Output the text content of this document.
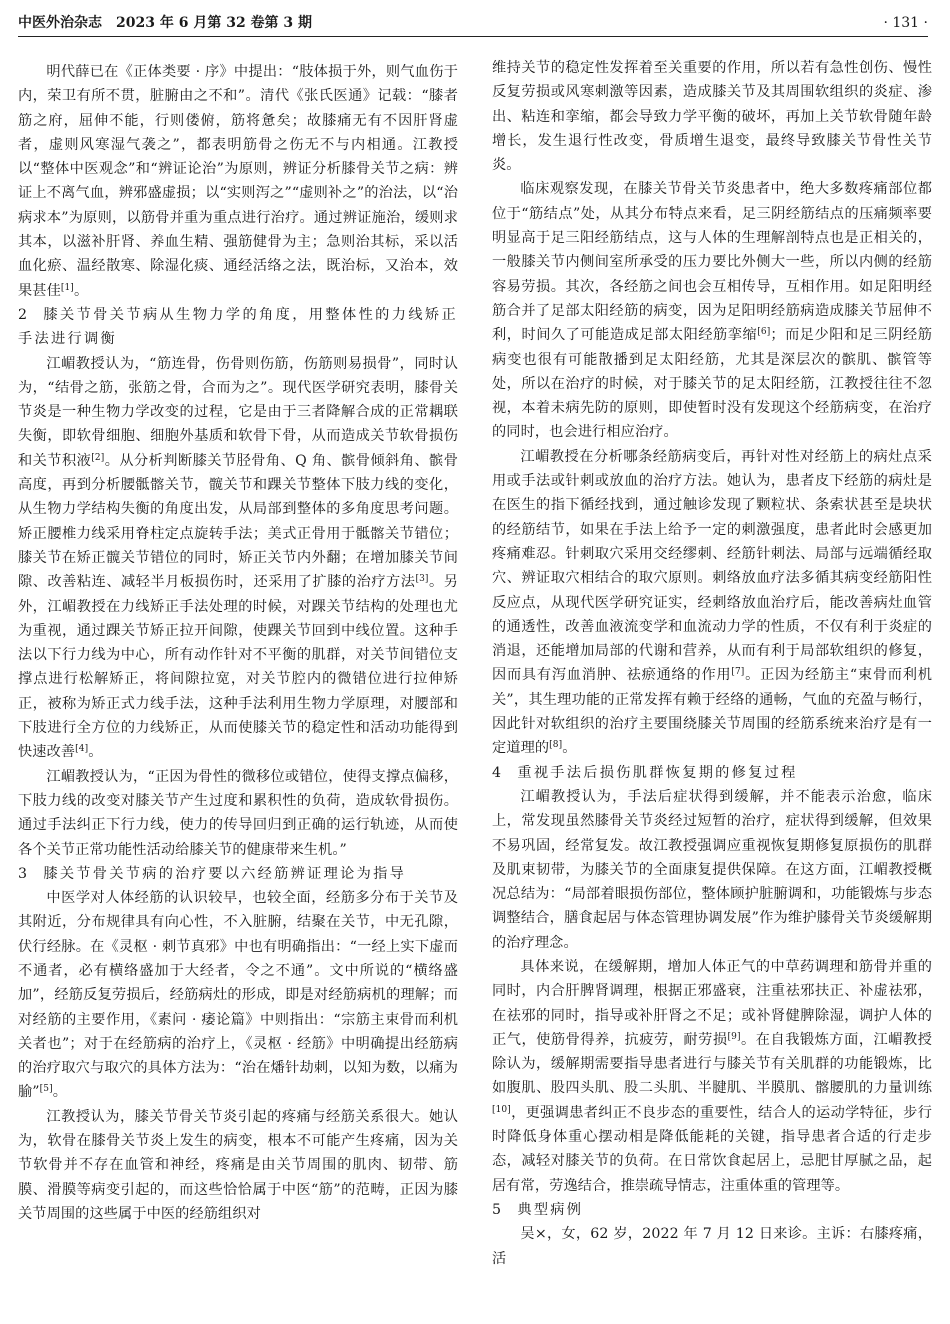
中医外治杂志　2023 年 6 月第 32 卷第 3 期	· 131 ·

明代薛已在《正体类要 · 序》中提出：“肢体损于外，则气血伤于内，荣卫有所不贯，脏腑由之不和”。清代《张氏医通》记载：“膝者筋之府，屈伸不能，行则偻俯，筋将惫矣；故膝痛无有不因肝肾虚者，虚则风寒湿气袭之”，都表明筋骨之伤无不与内相通。江教授以“整体中医观念”和“辨证论治”为原则，辨证分析膝骨关节之病：辨证上不离气血，辨邪盛虚损；以“实则泻之”“虚则补之”的治法，以“治病求本”为原则，以筋骨并重为重点进行治疗。通过辨证施治，缓则求其本，以滋补肝肾、养血生精、强筋健骨为主；急则治其标，采以活血化瘀、温经散寒、除湿化痰、通经活络之法，既治标，又治本，效果甚佳[1]。

2 膝关节骨关节病从生物力学的角度，用整体性的力线矫正手法进行调衡

江嵋教授认为，“筋连骨，伤骨则伤筋，伤筋则易损骨”，同时认为，“结骨之筋，张筋之骨，合而为之”。现代医学研究表明，膝骨关节炎是一种生物力学改变的过程，它是由于三者降解合成的正常耦联失衡，即软骨细胞、细胞外基质和软骨下骨，从而造成关节软骨损伤和关节积液[2]。从分析判断膝关节胫骨角、Q 角、髌骨倾斜角、髌骨高度，再到分析腰骶髂关节，髋关节和踝关节整体下肢力线的变化，从生物力学结构失衡的角度出发，从局部到整体的多角度思考问题。矫正腰椎力线采用脊柱定点旋转手法；美式正骨用于骶髂关节错位；膝关节在矫正髋关节错位的同时，矫正关节内外翻；在增加膝关节间隙、改善粘连、减轻半月板损伤时，还采用了扩膝的治疗方法[3]。另外，江嵋教授在力线矫正手法处理的时候，对踝关节结构的处理也尤为重视，通过踝关节矫正拉开间隙，使踝关节回到中线位置。这种手法以下行力线为中心，所有动作针对不平衡的肌群，对关节间错位支撑点进行松解矫正，将间隙拉宽，对关节腔内的微错位进行拉伸矫正，被称为矫正式力线手法，这种手法利用生物力学原理，对腰部和下肢进行全方位的力线矫正，从而使膝关节的稳定性和活动功能得到快速改善[4]。

江嵋教授认为，“正因为骨性的微移位或错位，使得支撑点偏移，下肢力线的改变对膝关节产生过度和累积性的负荷，造成软骨损伤。通过手法纠正下行力线，使力的传导回归到正确的运行轨迹，从而使各个关节正常功能性活动给膝关节的健康带来生机。”

3 膝关节骨关节病的治疗要以六经筋辨证理论为指导

中医学对人体经筋的认识较早，也较全面，经筋多分布于关节及其附近，分布规律具有向心性，不入脏腑，结聚在关节，中无孔隙，伏行经脉。在《灵枢 · 刺节真邪》中也有明确指出：“一经上实下虚而不通者，必有横络盛加于大经者，令之不通”。文中所说的“横络盛加”，经筋反复劳损后，经筋病灶的形成，即是对经筋病机的理解；而对经筋的主要作用，《素问 · 痿论篇》中则指出：“宗筋主束骨而利机关者也”；对于在经筋病的治疗上，《灵枢 · 经筋》中明确提出经筋病的治疗取穴与取穴的具体方法为：“治在燔针劫刺，以知为数，以痛为腧”[5]。

江教授认为，膝关节骨关节炎引起的疼痛与经筋关系很大。她认为，软骨在膝骨关节炎上发生的病变，根本不可能产生疼痛，因为关节软骨并不存在血管和神经，疼痛是由关节周围的肌肉、韧带、筋膜、滑膜等病变引起的，而这些恰恰属于中医“筋”的范畴，正因为膝关节周围的这些属于中医的经筋组织对

维持关节的稳定性发挥着至关重要的作用，所以若有急性创伤、慢性反复劳损或风寒刺激等因素，造成膝关节及其周围软组织的炎症、渗出、粘连和挛缩，都会导致力学平衡的破坏，再加上关节软骨随年龄增长，发生退行性改变，骨质增生退变，最终导致膝关节骨性关节炎。

临床观察发现，在膝关节骨关节炎患者中，绝大多数疼痛部位都位于“筋结点”处，从其分布特点来看，足三阴经筋结点的压痛频率要明显高于足三阳经筋结点，这与人体的生理解剖特点也是正相关的，一般膝关节内侧间室所承受的压力要比外侧大一些，所以内侧的经筋容易劳损。其次，各经筋之间也会互相传导，互相作用。如足阳明经筋合并了足部太阳经筋的病变，因为足阳明经筋病造成膝关节屈伸不利，时间久了可能造成足部太阳经筋挛缩[6]；而足少阳和足三阴经筋病变也很有可能散播到足太阳经筋，尤其是深层次的髌肌、髌管等处，所以在治疗的时候，对于膝关节的足太阳经筋，江教授往往不忽视，本着未病先防的原则，即使暂时没有发现这个经筋病变，在治疗的同时，也会进行相应治疗。

江嵋教授在分析哪条经筋病变后，再针对性对经筋上的病灶点采用或手法或针刺或放血的治疗方法。她认为，患者皮下经筋的病灶是在医生的指下循经找到，通过触诊发现了颗粒状、条索状甚至是块状的经筋结节，如果在手法上给予一定的刺激强度，患者此时会感更加疼痛难忍。针刺取穴采用交经缪刺、经筋针刺法、局部与远端循经取穴、辨证取穴相结合的取穴原则。刺络放血疗法多循其病变经筋阳性反应点，从现代医学研究证实，经刺络放血治疗后，能改善病灶血管的通透性，改善血液流变学和血流动力学的性质，不仅有利于炎症的消退，还能增加局部的代谢和营养，从而有利于局部软组织的修复，因而具有泻血消肿、祛瘀通络的作用[7]。正因为经筋主“束骨而利机关”，其生理功能的正常发挥有赖于经络的通畅，气血的充盈与畅行，因此针对软组织的治疗主要围绕膝关节周围的经筋系统来治疗是有一定道理的[8]。

4 重视手法后损伤肌群恢复期的修复过程

江嵋教授认为，手法后症状得到缓解，并不能表示治愈，临床上，常发现虽然膝骨关节炎经过短暂的治疗，症状得到缓解，但效果不易巩固，经常复发。故江教授强调应重视恢复期修复原损伤的肌群及肌束韧带，为膝关节的全面康复提供保障。在这方面，江嵋教授概况总结为：“局部着眼损伤部位，整体顾护脏腑调和，功能锻炼与步态调整结合，膳食起居与体态管理协调发展”作为维护膝骨关节炎缓解期的治疗理念。

具体来说，在缓解期，增加人体正气的中草药调理和筋骨并重的同时，内合肝脾肾调理，根据正邪盛衰，注重祛邪扶正、补虚祛邪，在祛邪的同时，指导或补肝肾之不足；或补肾健脾除湿，调护人体的正气，使筋骨得养，抗疲劳，耐劳损[9]。在自我锻炼方面，江嵋教授除认为，缓解期需要指导患者进行与膝关节有关肌群的功能锻炼，比如腹肌、股四头肌、股二头肌、半腱肌、半膜肌、髂腰肌的力量训练[10]，更强调患者纠正不良步态的重要性，结合人的运动学特征，步行时降低身体重心摆动相是降低能耗的关键，指导患者合适的行走步态，减轻对膝关节的负荷。在日常饮食起居上，忌肥甘厚腻之品，起居有常，劳逸结合，推崇疏导情志，注重体重的管理等。

5 典型病例

吴×，女，62 岁，2022 年 7 月 12 日来诊。主诉：右膝疼痛，活
